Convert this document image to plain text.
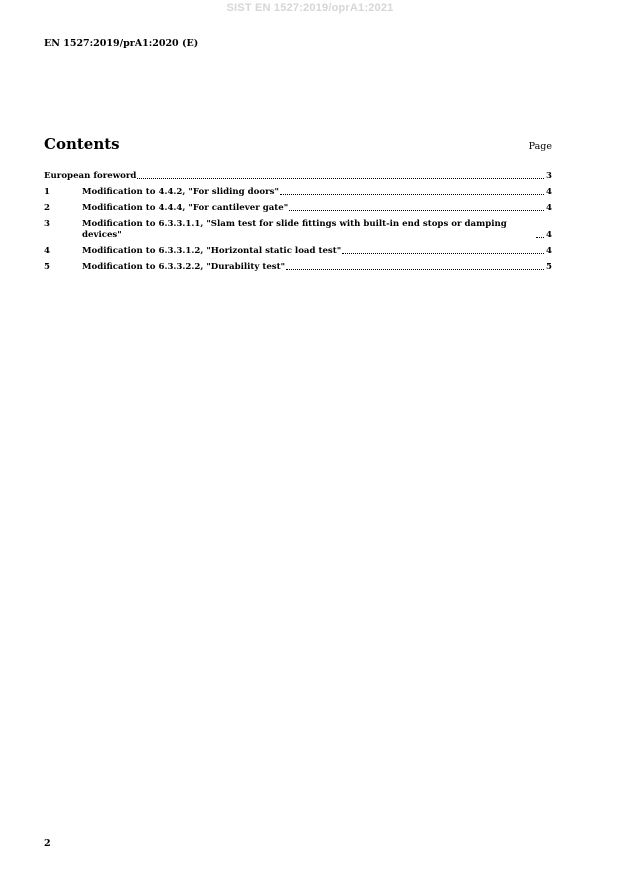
SIST EN 1527:2019/oprA1:2021
EN 1527:2019/prA1:2020 (E)
Contents	Page
European foreword	3
1	Modification to 4.4.2, "For sliding doors"	4
2	Modification to 4.4.4, "For cantilever gate"	4
3	Modification to 6.3.3.1.1, "Slam test for slide fittings with built-in end stops or damping devices"	4
4	Modification to 6.3.3.1.2, "Horizontal static load test"	4
5	Modification to 6.3.3.2.2, "Durability test"	5
2
